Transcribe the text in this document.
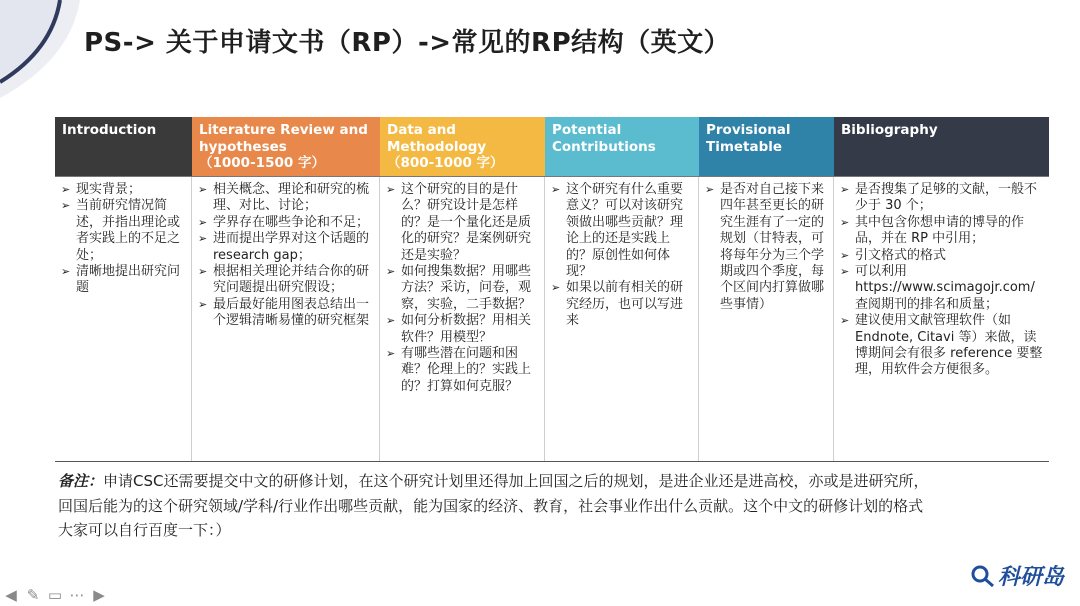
PS-> 关于申请文书（RP）->常见的RP结构（英文）
Introduction	Literature Review and hypotheses
（1000-1500 字）
Data and Methodology
（800-1000 字）
Potential Contributions
Provisional Timetable
Bibliography
➢ 现实背景；
➢ 当前研究情况简述，并指出理论或者实践上的不足之处；
➢ 清晰地提出研究问题
➢ 相关概念、理论和研究的梳理、对比、讨论；
➢ 学界存在哪些争论和不足；
➢ 进而提出学界对这个话题的 research gap；
➢ 根据相关理论并结合你的研究问题提出研究假设；
➢ 最后最好能用图表总结出一个逻辑清晰易懂的研究框架
➢ 这个研究的目的是什么？研究设计是怎样的？是一个量化还是质化的研究？是案例研究还是实验？
➢ 如何搜集数据？用哪些方法？采访，问卷，观察，实验，二手数据？
➢ 如何分析数据？用相关软件？用模型？
➢ 有哪些潜在问题和困难？伦理上的？实践上的？打算如何克服？
➢ 这个研究有什么重要意义？可以对该研究领做出哪些贡献？理论上的还是实践上的？原创性如何体现？
➢ 如果以前有相关的研究经历，也可以写进来
➢ 是否对自己接下来四年甚至更长的研究生涯有了一定的规划（甘特表，可将每年分为三个学期或四个季度，每个区间内打算做哪些事情）
➢ 是否搜集了足够的文献，一般不少于 30 个；
➢ 其中包含你想申请的博导的作品，并在 RP 中引用；
➢ 引文格式的格式
➢ 可以利用 https://www.scimagojr.com/查阅期刊的排名和质量；
➢ 建议使用文献管理软件（如 Endnote, Citavi 等）来做，读博期间会有很多 reference 要整理，用软件会方便很多。
备注：申请CSC还需要提交中文的研修计划，在这个研究计划里还得加上回国之后的规划，是进企业还是进高校，亦或是进研究所，
回国后能为的这个研究领域/学科/行业作出哪些贡献，能为国家的经济、教育，社会事业作出什么贡献。这个中文的研修计划的格式
大家可以自行百度一下：）
◀ ✎ ▭ ⋯ ▶
科研岛
